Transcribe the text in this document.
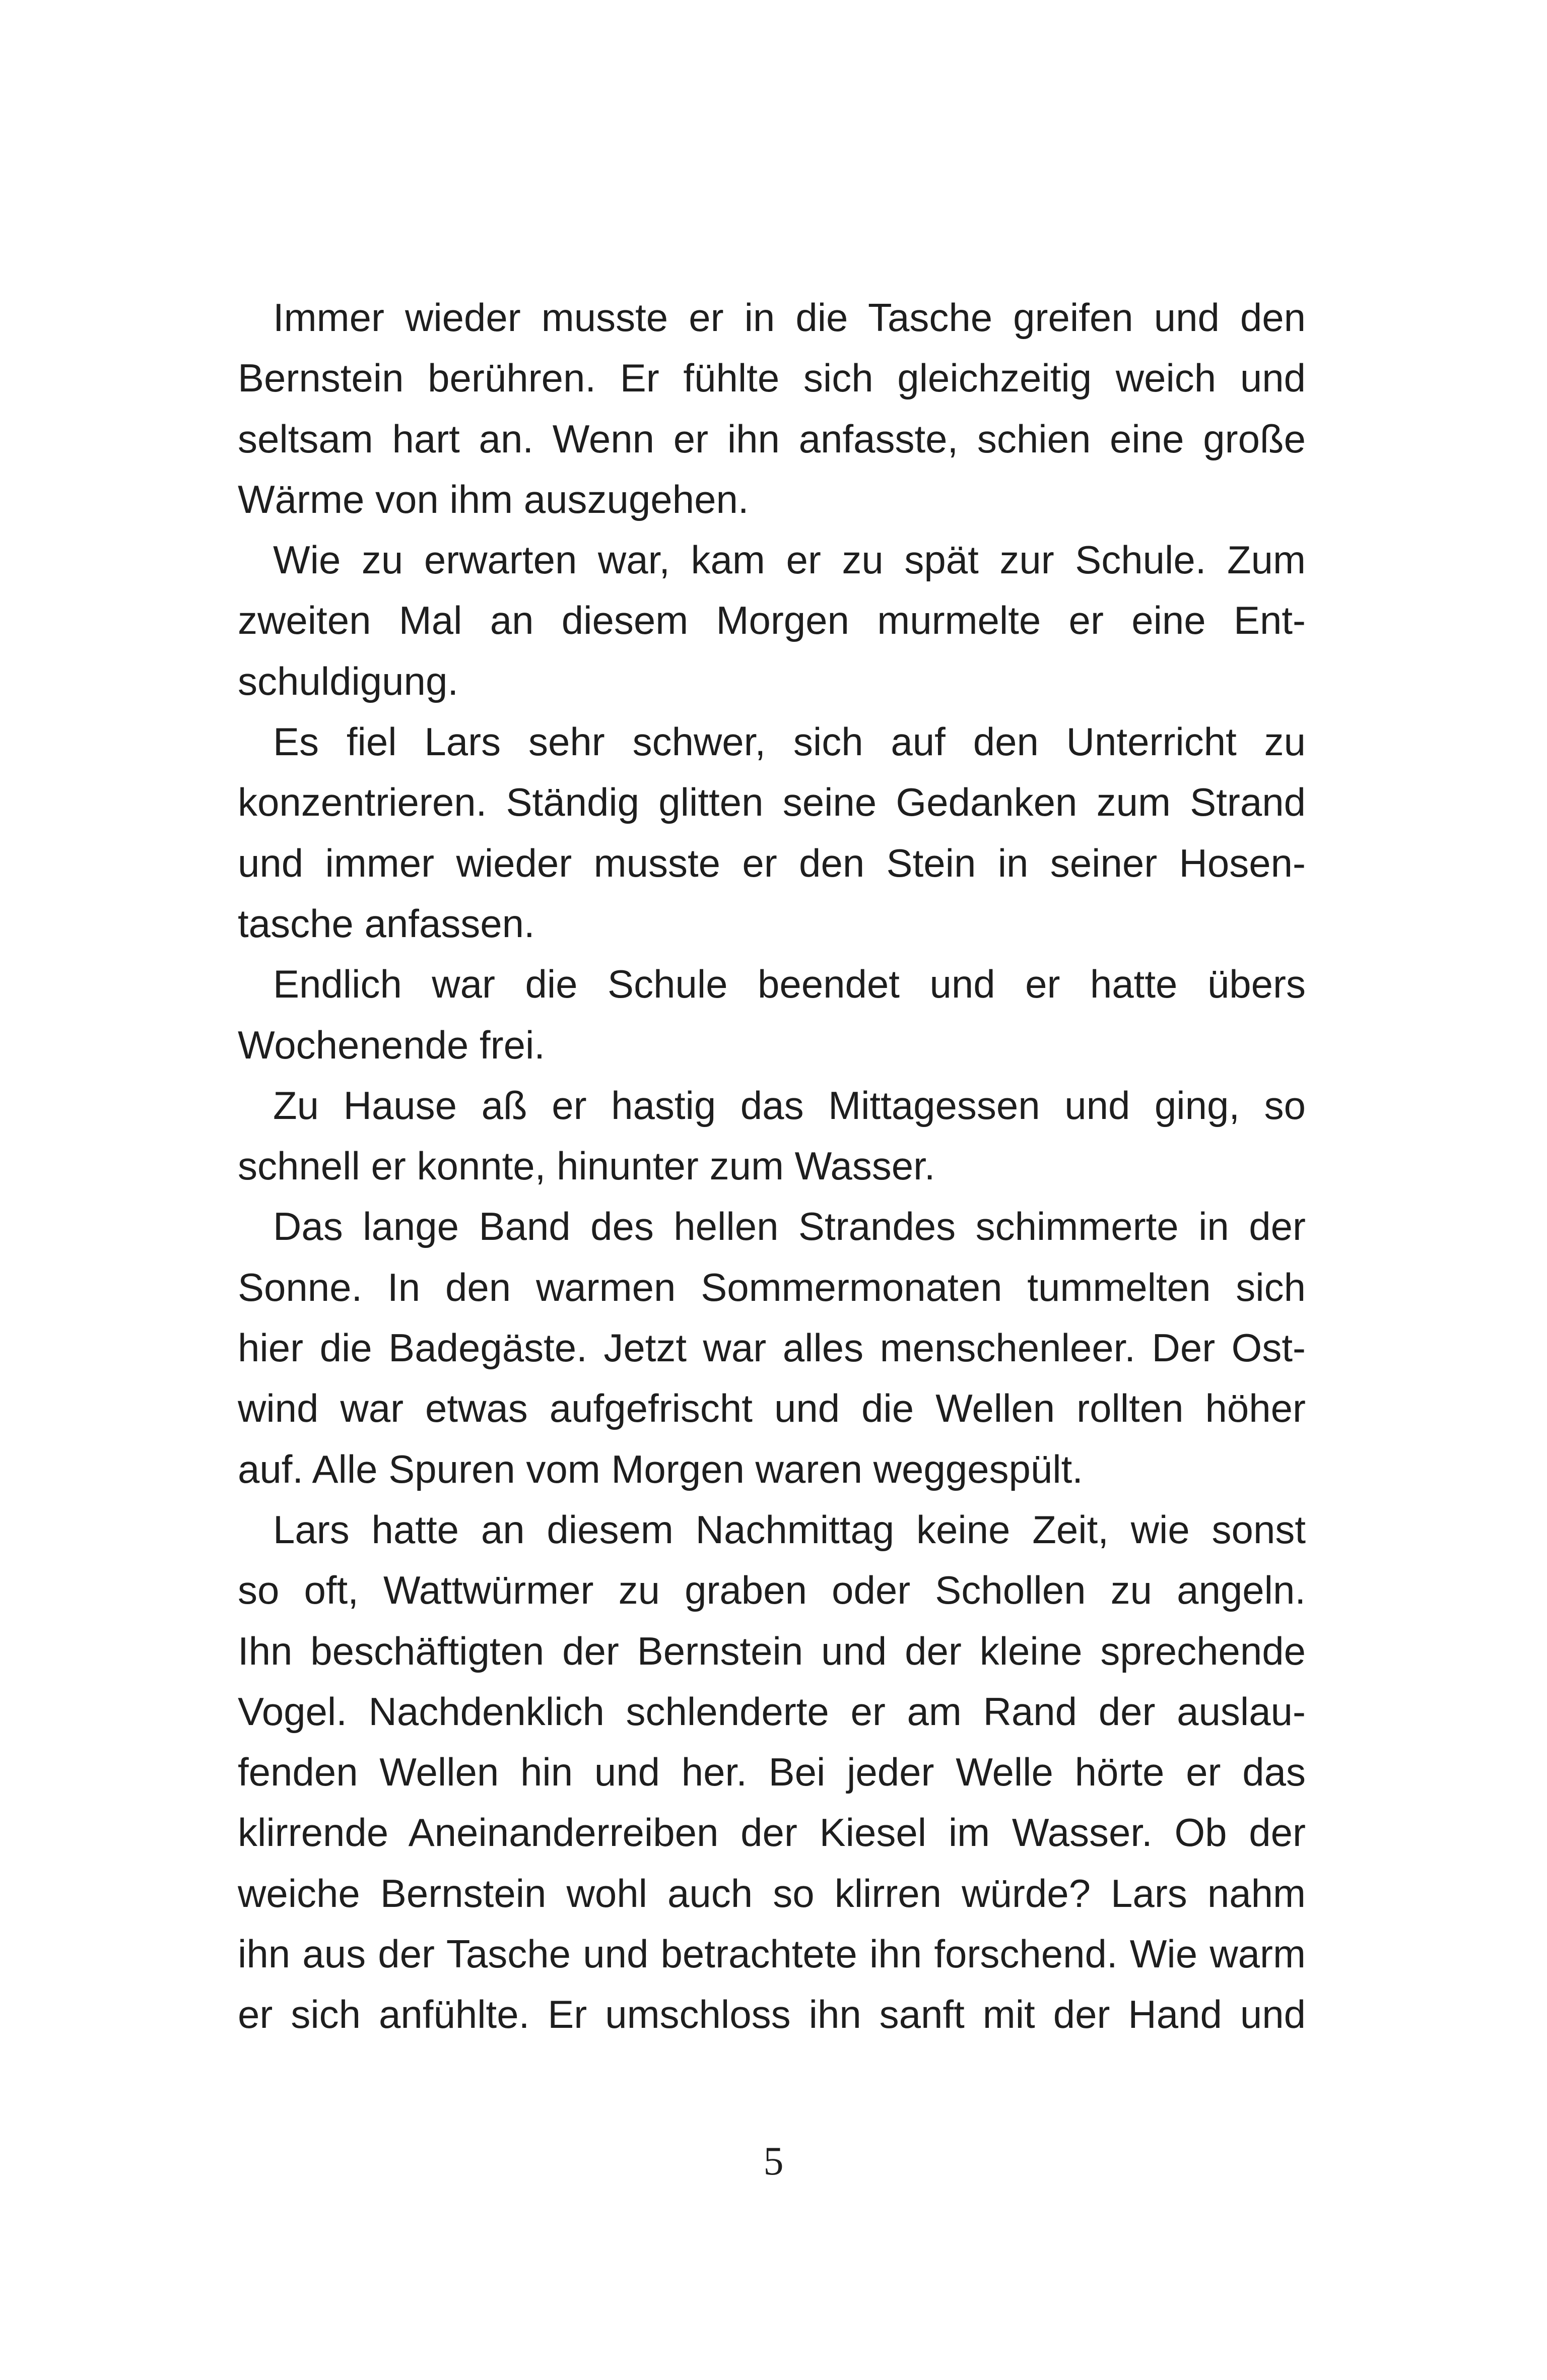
Immer wieder musste er in die Tasche greifen und den
Bernstein berühren. Er fühlte sich gleichzeitig weich und
seltsam hart an. Wenn er ihn anfasste, schien eine große
Wärme von ihm auszugehen.
Wie zu erwarten war, kam er zu spät zur Schule. Zum
zweiten Mal an diesem Morgen murmelte er eine Ent-
schuldigung.
Es fiel Lars sehr schwer, sich auf den Unterricht zu
konzentrieren. Ständig glitten seine Gedanken zum Strand
und immer wieder musste er den Stein in seiner Hosen-
tasche anfassen.
Endlich war die Schule beendet und er hatte übers
Wochenende frei.
Zu Hause aß er hastig das Mittagessen und ging, so
schnell er konnte, hinunter zum Wasser.
Das lange Band des hellen Strandes schimmerte in der
Sonne. In den warmen Sommermonaten tummelten sich
hier die Badegäste. Jetzt war alles menschenleer. Der Ost-
wind war etwas aufgefrischt und die Wellen rollten höher
auf. Alle Spuren vom Morgen waren weggespült.
Lars hatte an diesem Nachmittag keine Zeit, wie sonst
so oft, Wattwürmer zu graben oder Schollen zu angeln.
Ihn beschäftigten der Bernstein und der kleine sprechende
Vogel. Nachdenklich schlenderte er am Rand der auslau-
fenden Wellen hin und her. Bei jeder Welle hörte er das
klirrende Aneinanderreiben der Kiesel im Wasser. Ob der
weiche Bernstein wohl auch so klirren würde? Lars nahm
ihn aus der Tasche und betrachtete ihn forschend. Wie warm
er sich anfühlte. Er umschloss ihn sanft mit der Hand und
5
